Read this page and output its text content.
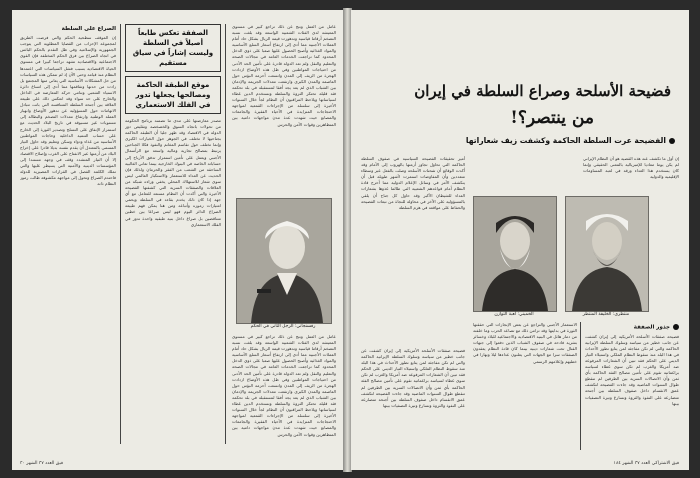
الصراع على السلطة

إن الموقف سطحية الحكم والتي فرضت الطريق لمجموعة الإحزاب من القضايا المطلوبة التي يتوجب الجمهورية والإسلامية وفي ظل التقدم بالحكم البائس في اتجاه الصراع بين فرق الحكم المختلفة فإن القوى الاجتماعية والاقتصادية تشهد تراجعا كبيرا في مستوى الحياة الاقتصادية بسبب فشل السياسات التي اعتمدها النظام منذ قيامه وحتى الآن إذ لم تتمكن هذه السياسات من حل المشكلات الأساسية التي يعاني منها المجتمع بل زادت من حدتها وتفاقمها مما أدى إلى اتساع دائرة الاستياء الشعبي وتنامي حركة المعارضة في الداخل والخارج على حد سواء وقد انعكس ذلك على طبيعة العلاقة بين أجنحة السلطة المتنافسة التي باتت تتبادل الاتهامات حول المسؤولية عن تدهور الأوضاع وانهيار العملة الوطنية وارتفاع معدلات التضخم والبطالة إلى مستويات غير مسبوقة في تاريخ البلاد الحديث مع استمرار الإنفاق على التسلح وتصدير الثورة إلى الخارج على حساب التنمية الداخلية وحاجات المواطنين الأساسية من غذاء ودواء وسكن وتعليم وقد حاول التيار المسمى بالمعتدل أن يقدم نفسه بديلا قادرا على إخراج البلاد من أزمتها عبر الانفتاح على الغرب وإصلاح الاقتصاد إلا أن التيار المتشدد وقف في وجهه مستندا إلى المؤسسات الدينية والأمنية التي يسيطر عليها والتي تملك الكلمة الفصل في القرارات المصيرية للدولة فاحتدم الصراع وتحول إلى مواجهة مكشوفة طالت رموز النظام ذاته

الصفقة تعكس طابعاً
أصيلاً في السلطة
وليست إشاراً في سياق مستقيم
موقع الطبقة الحاكمة
ومصالحها يجعلها تدور
في الفلك الاستعماري

مصدر معارضتها على مدى ما تضمنه برنامج الحكومة من تحولات باتجاه السوق والخصخصة وتقليص دور الدولة في الاقتصاد وقد ظهر جليا أن الطبقة الحاكمة بجناحيها لا تختلف في الجوهر حول الخيارات الكبرى وإنما تختلف حول تقاسم المغانم والنفوذ فكلا الجناحين يرتبط بمصالح تجارية ومالية واسعة مع الرأسمال الأجنبي ويعمل على تأمين استمرار تدفق الأرباح إلى حساباته الخاصة في البنوك الخارجية بينما تعاني الغالبية الساحقة من الشعب من الفقر والحرمان ولذلك فإن الحديث عن العداء للاستعمار والاستكبار العالمي ليس سوى شعار للاستهلاك المحلي يخفي وراءه شبكة من العلاقات والصفقات السرية التي كشفتها الفضيحة الأخيرة والتي أكدت أن النظام مستعد للتعامل مع أي جهة إذا كان ذلك يخدم بقاءه في السلطة ويحمي امتيازات رموزه وأتباعه ومن هنا يمكن فهم طبيعة الصراع الدائر اليوم فهو ليس صراعا بين خطين متناقضين بل صراع داخل بنية طبقية واحدة تدور في الفلك الاستعماري

عامل من العمل ونتج عن ذلك تراجع كبير في مستوى المعيشة لدى الفئات الشعبية الواسعة وقد بلغت نسبة التضخم أرقاما قياسية وتدهورت قيمة الريال بشكل حاد أمام العملات الأجنبية مما أدى إلى ارتفاع أسعار السلع الأساسية والمواد الغذائية وأصبح الحصول عليها صعبا على ذوي الدخل المحدود كما تراجعت الخدمات العامة في مجالات الصحة والتعليم والنقل ولم تعد الدولة قادرة على تأمين الحد الأدنى من احتياجات المواطنين وفي ظل هذه الأوضاع ازدادت الهجرة من الريف إلى المدن واتسعت أحزمة البؤس حول العاصمة والمدن الكبرى وارتفعت معدلات الجريمة والإدمان بين الشباب الذي لم يعد يجد أفقا لمستقبله في بلد تحكمه فئة قليلة تحتكر الثروة والسلطة وتستخدم الدين غطاء لسياساتها ويلاحظ المراقبون أن النظام لجأ خلال السنوات الأخيرة إلى سلسلة من الإجراءات القمعية لمواجهة الاحتجاجات المتزايدة في الأحياء الفقيرة والجامعات والمصانع حيث شهدت عدة مدن مواجهات دامية بين المتظاهرين وقوات الأمن والحرس

رفسنجاني: الرجل الثاني في الحكم

عامل من العمل ونتج عن ذلك تراجع كبير في مستوى المعيشة لدى الفئات الشعبية الواسعة وقد بلغت نسبة التضخم أرقاما قياسية وتدهورت قيمة الريال بشكل حاد أمام العملات الأجنبية مما أدى إلى ارتفاع أسعار السلع الأساسية والمواد الغذائية وأصبح الحصول عليها صعبا على ذوي الدخل المحدود كما تراجعت الخدمات العامة في مجالات الصحة والتعليم والنقل ولم تعد الدولة قادرة على تأمين الحد الأدنى من احتياجات المواطنين وفي ظل هذه الأوضاع ازدادت الهجرة من الريف إلى المدن واتسعت أحزمة البؤس حول العاصمة والمدن الكبرى وارتفعت معدلات الجريمة والإدمان بين الشباب الذي لم يعد يجد أفقا لمستقبله في بلد تحكمه فئة قليلة تحتكر الثروة والسلطة وتستخدم الدين غطاء لسياساتها ويلاحظ المراقبون أن النظام لجأ خلال السنوات الأخيرة إلى سلسلة من الإجراءات القمعية لمواجهة الاحتجاجات المتزايدة في الأحياء الفقيرة والجامعات والمصانع حيث شهدت عدة مدن مواجهات دامية بين المتظاهرين وقوات الأمن والحرس

فيق العدد ٣٧ الشهر ٣٠
فضيحة الأسلحة وصراع السلطة في إيران
من ينتصر؟!
الفضيحة عرت السلطة الحاكمة وكشفت زيف شعاراتها

أمير تحقيقات الفضيحة السياسية في صفوف السلطة الحاكمة التي تحاول تجاوز أزمتها بالهروب إلى الأمام وقد أكدت الوقائع أن شحنات الأسلحة وصلت بالفعل عبر وسطاء متعددين وأن المفاوضات استمرت لأشهر طويلة قبل أن ينكشف الأمر في وسائل الإعلام الدولية مما أحرج قادة النظام أمام قواعدهم الشعبية التي طالما غذوها بشعارات العداء للشيطان الأكبر وقد حاول كل جناح أن يلقي بالمسؤولية على الآخر في محاولة للنجاة من تبعات الفضيحة والحفاظ على مواقعه في هرم السلطة

الخميني: لعبة التوازن	منتظري: الخليفة المنتظر

إن أول ما تكشف عنه هذه القضية هو أن النظام الإيراني لم يكن يوما معاديا للإمبريالية بالمعنى الحقيقي وإنما كان يستخدم هذا العداء ورقة في لعبة المساومات الإقليمية والدولية

الاستعمار الأجنبي والتراجع عن بعض الإنجازات التي حققتها الثورة في بدايتها وقد تزامن ذلك مع تصاعد الحرب وما خلفته من دمار هائل في البنية الاقتصادية والاجتماعية للبلاد وخسائر بشرية فادحة في صفوف الشباب الذين دفعوا إلى جبهات القتال تحت شعارات دينية بينما كان قادة النظام يعقدون الصفقات سرا مع الجهات التي يعلنون عداءها ليلا ونهارا في خطبهم وإعلامهم الرسمي

جذور الصفقة

فضيحة صفقات الأسلحة الأمريكية إلى إيران كشفت عن جانب خطير من سياسة وسلوك السلطة الإيرانية الحاكمة والتي لم تكن مفاجئة لمن يتابع تطور الأحداث في هذا البلد منذ سقوط النظام الملكي واستيلاء التيار الديني على الحكم فقد تبين أن الشعارات المرفوعة ضد أمريكا والغرب لم تكن سوى غطاء لسياسة براغماتية تقوم على تأمين مصالح الفئة الحاكمة بأي ثمن وأن الاتصالات السرية بين الطرفين لم تنقطع طوال السنوات الماضية وقد جاءت الفضيحة لتكشف عمق الانقسام داخل صفوف السلطة بين أجنحة متصارعة على النفوذ والثروة وتسارع وتيرة التصفيات بينها

فضيحة صفقات الأسلحة الأمريكية إلى إيران كشفت عن جانب خطير من سياسة وسلوك السلطة الإيرانية الحاكمة والتي لم تكن مفاجئة لمن يتابع تطور الأحداث في هذا البلد منذ سقوط النظام الملكي واستيلاء التيار الديني على الحكم فقد تبين أن الشعارات المرفوعة ضد أمريكا والغرب لم تكن سوى غطاء لسياسة براغماتية تقوم على تأمين مصالح الفئة الحاكمة بأي ثمن وأن الاتصالات السرية بين الطرفين لم تنقطع طوال السنوات الماضية وقد جاءت الفضيحة لتكشف عمق الانقسام داخل صفوف السلطة بين أجنحة متصارعة على النفوذ والثروة وتسارع وتيرة التصفيات بينها

فيق الاشتراكي العدد ٣٧ الشهر ١٨٤
